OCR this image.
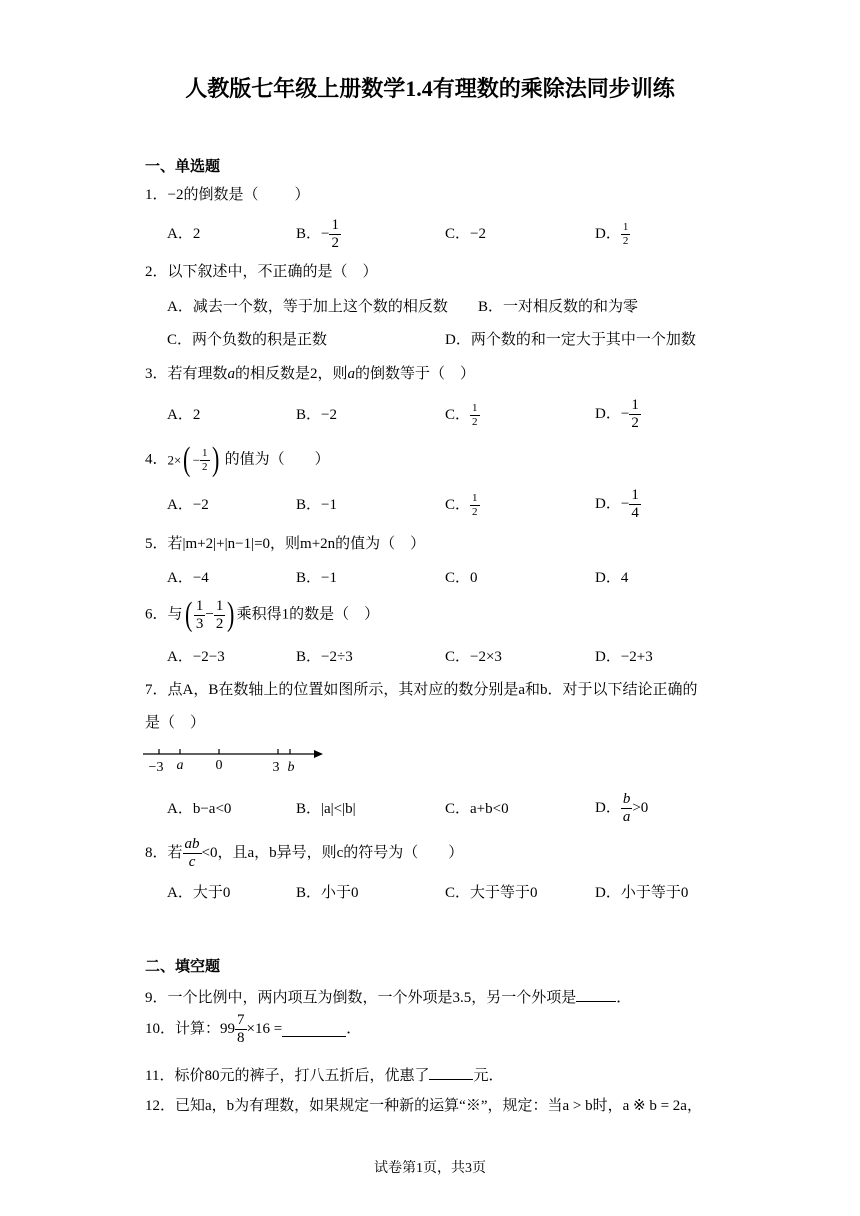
人教版七年级上册数学1.4有理数的乘除法同步训练
一、单选题
1．−2的倒数是（ ）
A．2	B．− $\frac{1}{2}$	C．−2	D． $\frac{1}{2}$
2．以下叙述中，不正确的是（　）
A．减去一个数，等于加上这个数的相反数 B．一对相反数的和为零
C．两个负数的积是正数	D．两个数的和一定大于其中一个加数
3．若有理数a的相反数是2，则a的倒数等于（　）
A．2	B．−2	C． $\frac{1}{2}$	D．− $\frac{1}{2}$
4．$2\times( - \frac{1}{2}$ ) 的值为（　　）
A．−2	B．−1	C． $\frac{1}{2}$	D．− $\frac{1}{4}$
5．若|m+2|+|n−1|=0，则m+2n的值为（　）
A．−4	B．−1	C．0	D．4
6．与( $\frac{1}{3} - \frac{1}{2}$ ) 乘积得1的数是（　）
A．−2−3	B．−2÷3	C．−2×3	D．−2+3
7．点A，B在数轴上的位置如图所示，其对应的数分别是a和b．对于以下结论正确的
是（　）
−3 a 0	3 b
A．b−a<0	B．|a|<|b|	C．a+b<0	D． $\frac{b}{a} >0$
8．若 $\frac{ab}{c} <0$，且a，b异号，则c的符号为（　　）
A．大于0	B．小于0	C．大于等于0	D．小于等于0
二、填空题
9．一个比例中，两内项互为倒数，一个外项是3.5，另一个外项是	．
10．计算：$99 \frac{7}{8} \times 16$ =	．
11．标价80元的裤子，打八五折后，优惠了	元．
12．已知a，b为有理数，如果规定一种新的运算“※”，规定：当a > b时，a ※ b = 2a，
试卷第1页，共3页
